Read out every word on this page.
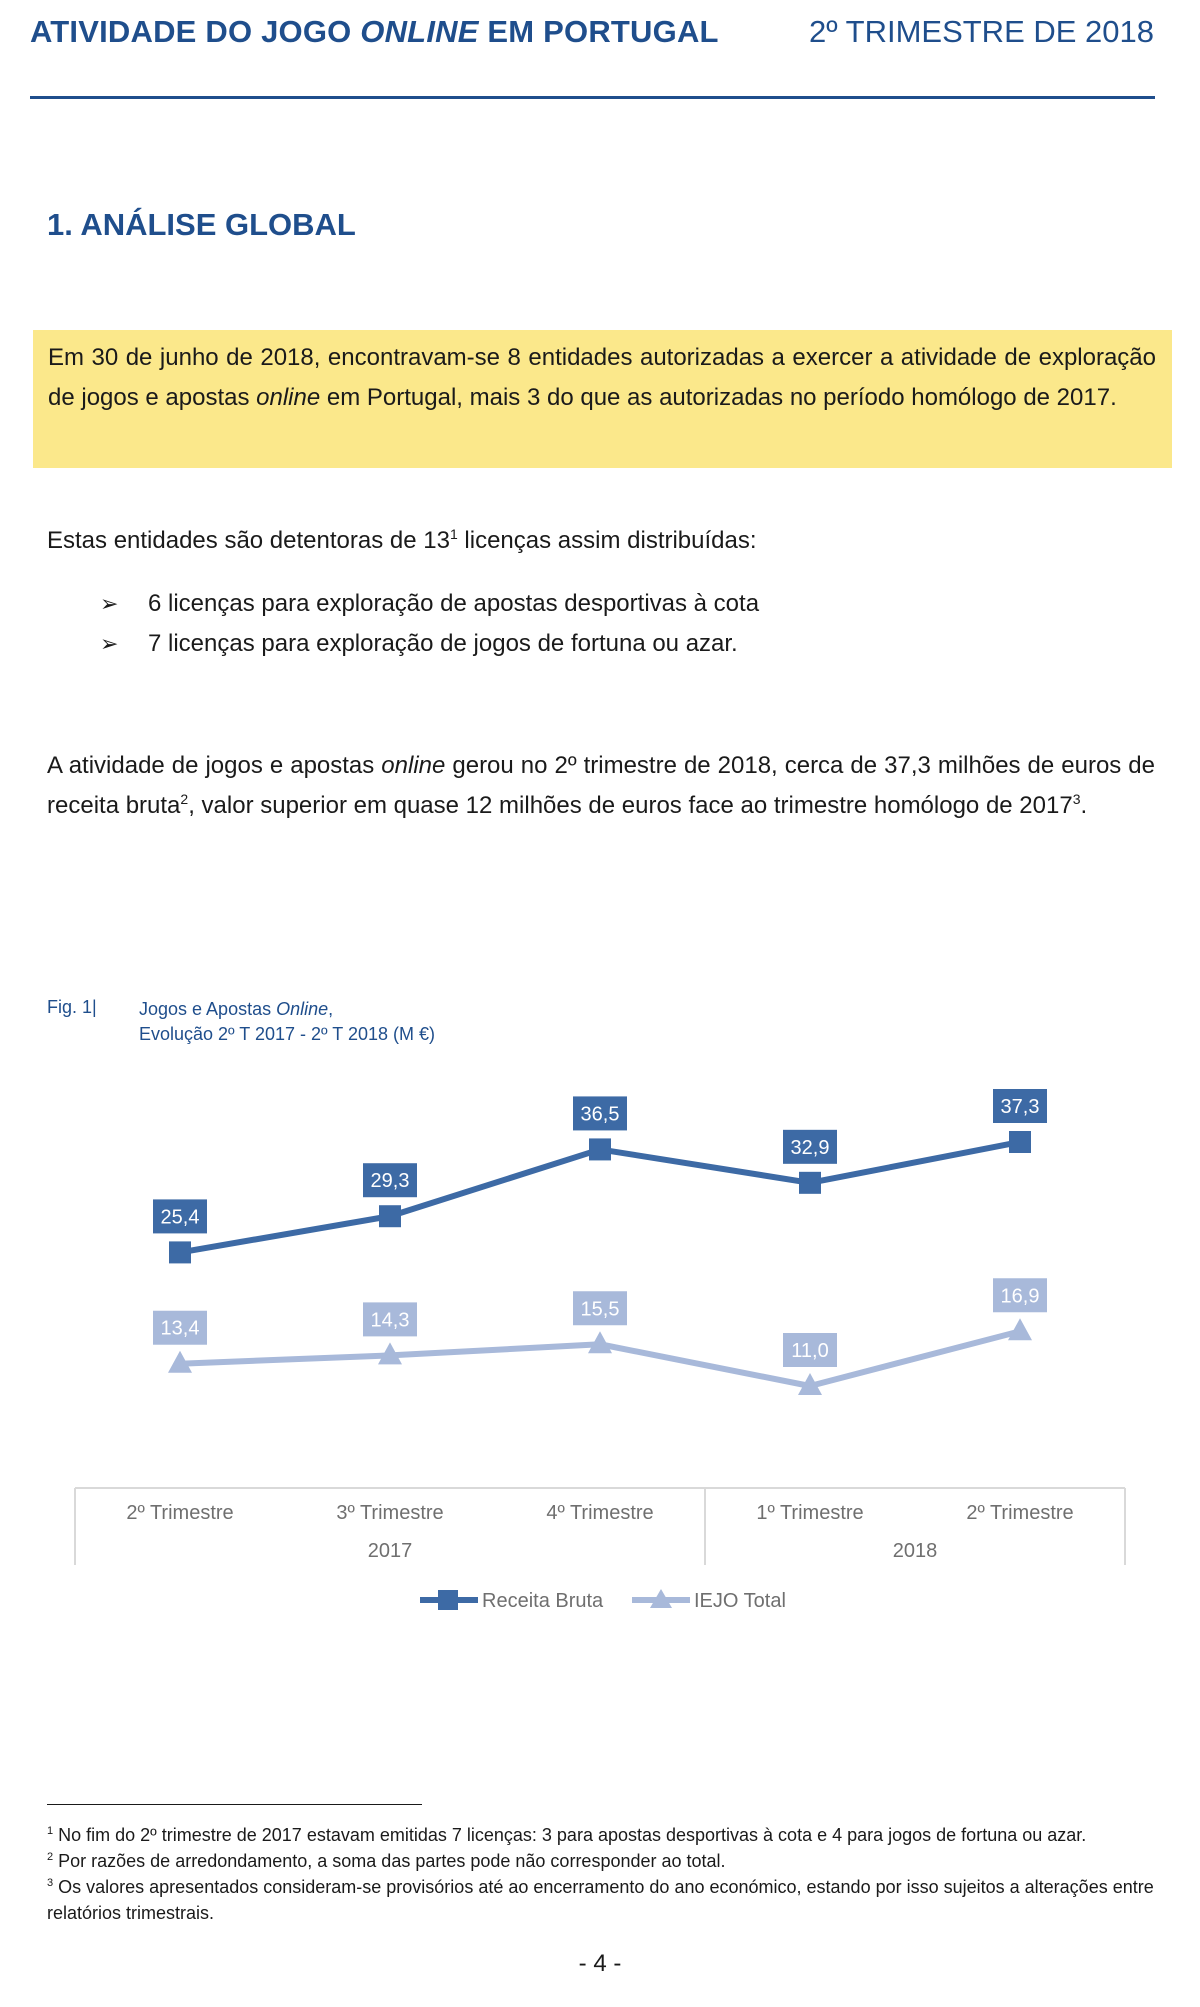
ATIVIDADE DO JOGO ONLINE EM PORTUGAL	2º TRIMESTRE DE 2018
1. ANÁLISE GLOBAL
Em 30 de junho de 2018, encontravam-se 8 entidades autorizadas a exercer a atividade de exploração de jogos e apostas online em Portugal, mais 3 do que as autorizadas no período homólogo de 2017.
Estas entidades são detentoras de $13^1$ licenças assim distribuídas:
➢	6 licenças para exploração de apostas desportivas à cota
➢	7 licenças para exploração de jogos de fortuna ou azar.
A atividade de jogos e apostas online gerou no 2º trimestre de 2018, cerca de 37,3 milhões de euros de receita bruta$^2$, valor superior em quase 12 milhões de euros face ao trimestre homólogo de 2017$^3$.
Fig. 1| Jogos e Apostas Online,
Evolução 2º T 2017 - 2º T 2018 (M €)
25,4
29,3
36,5
32,9
37,3
13,4	14,3
15,5
11,0
16,9
2017	2018
2º Trimestre	3º Trimestre	4º Trimestre	1º Trimestre	2º Trimestre
Receita Bruta	IEJO Total
$^1$ No fim do 2º trimestre de 2017 estavam emitidas 7 licenças: 3 para apostas desportivas à cota e 4 para jogos de fortuna ou azar.
$^2$ Por razões de arredondamento, a soma das partes pode não corresponder ao total.
$^3$ Os valores apresentados consideram-se provisórios até ao encerramento do ano económico, estando por isso sujeitos a alterações entre relatórios trimestrais.
- 4 -
